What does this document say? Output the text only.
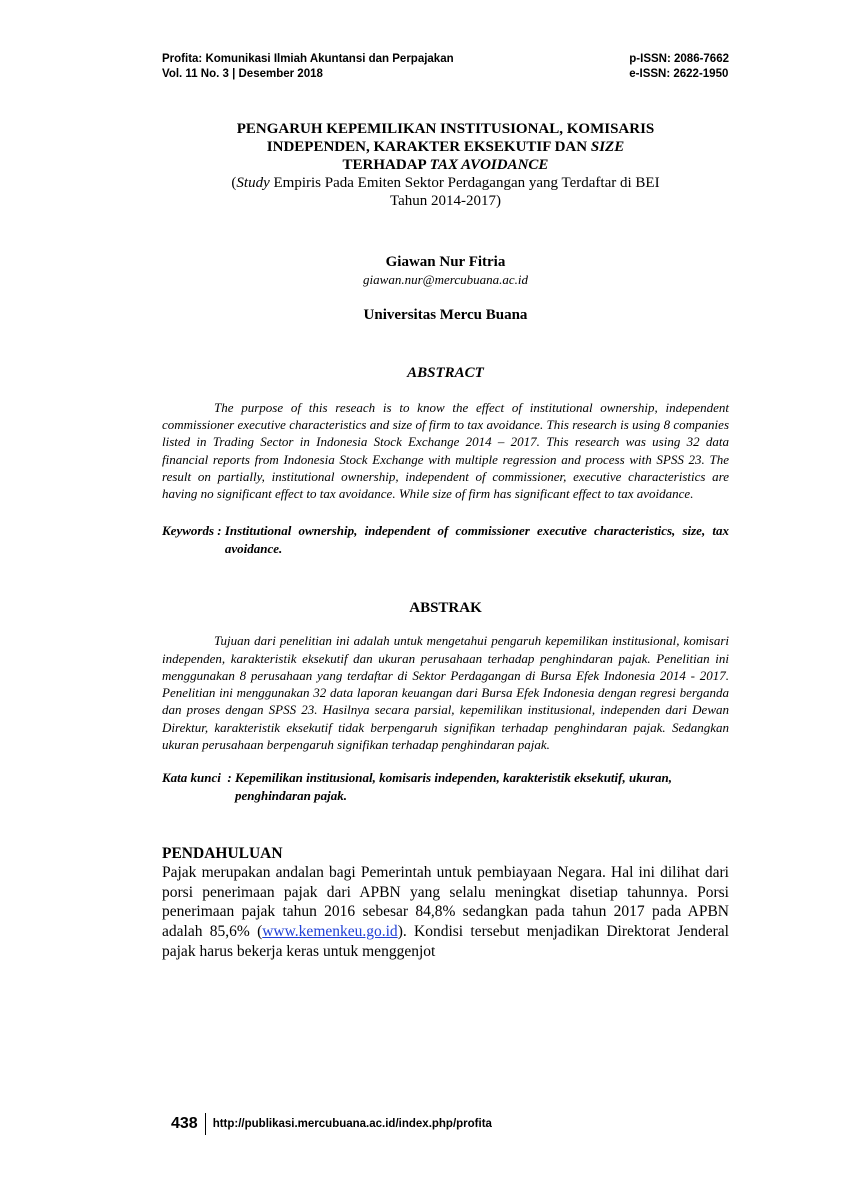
Profita: Komunikasi Ilmiah Akuntansi dan Perpajakan
Vol. 11 No. 3 | Desember 2018
p-ISSN: 2086-7662
e-ISSN: 2622-1950

PENGARUH KEPEMILIKAN INSTITUSIONAL, KOMISARIS

INDEPENDEN, KARAKTER EKSEKUTIF DAN SIZE

TERHADAP TAX AVOIDANCE

(Study Empiris Pada Emiten Sektor Perdagangan yang Terdaftar di BEI

Tahun 2014-2017)

Giawan Nur Fitria
giawan.nur@mercubuana.ac.id
Universitas Mercu Buana
ABSTRACT
The purpose of this reseach is to know the effect of institutional ownership, independent commissioner executive characteristics and size of firm to tax avoidance. This research is using 8 companies listed in Trading Sector in Indonesia Stock Exchange 2014 – 2017. This research was using 32 data financial reports from Indonesia Stock Exchange with multiple regression and process with SPSS 23. The result on partially, institutional ownership, independent of commissioner, executive characteristics are having no significant effect to tax avoidance. While size of firm has significant effect to tax avoidance.
Keywords : Institutional ownership, independent of commissioner executive characteristics, size, tax avoidance.
ABSTRAK
Tujuan dari penelitian ini adalah untuk mengetahui pengaruh kepemilikan institusional, komisari independen, karakteristik eksekutif dan ukuran perusahaan terhadap penghindaran pajak. Penelitian ini menggunakan 8 perusahaan yang terdaftar di Sektor Perdagangan di Bursa Efek Indonesia 2014 - 2017. Penelitian ini menggunakan 32 data laporan keuangan dari Bursa Efek Indonesia dengan regresi berganda dan proses dengan SPSS 23. Hasilnya secara parsial, kepemilikan institusional, independen dari Dewan Direktur, karakteristik eksekutif tidak berpengaruh signifikan terhadap penghindaran pajak. Sedangkan ukuran perusahaan berpengaruh signifikan terhadap penghindaran pajak.
Kata kunci  : Kepemilikan institusional, komisaris independen, karakteristik eksekutif, ukuran, penghindaran pajak.
PENDAHULUAN

Pajak merupakan andalan bagi Pemerintah untuk pembiayaan Negara. Hal ini dilihat dari porsi penerimaan pajak dari APBN yang selalu meningkat disetiap tahunnya. Porsi penerimaan pajak tahun 2016 sebesar 84,8% sedangkan pada tahun 2017 pada APBN adalah 85,6% (www.kemenkeu.go.id). Kondisi tersebut menjadikan Direktorat Jenderal pajak harus bekerja keras untuk menggenjot

438	http://publikasi.mercubuana.ac.id/index.php/profita
